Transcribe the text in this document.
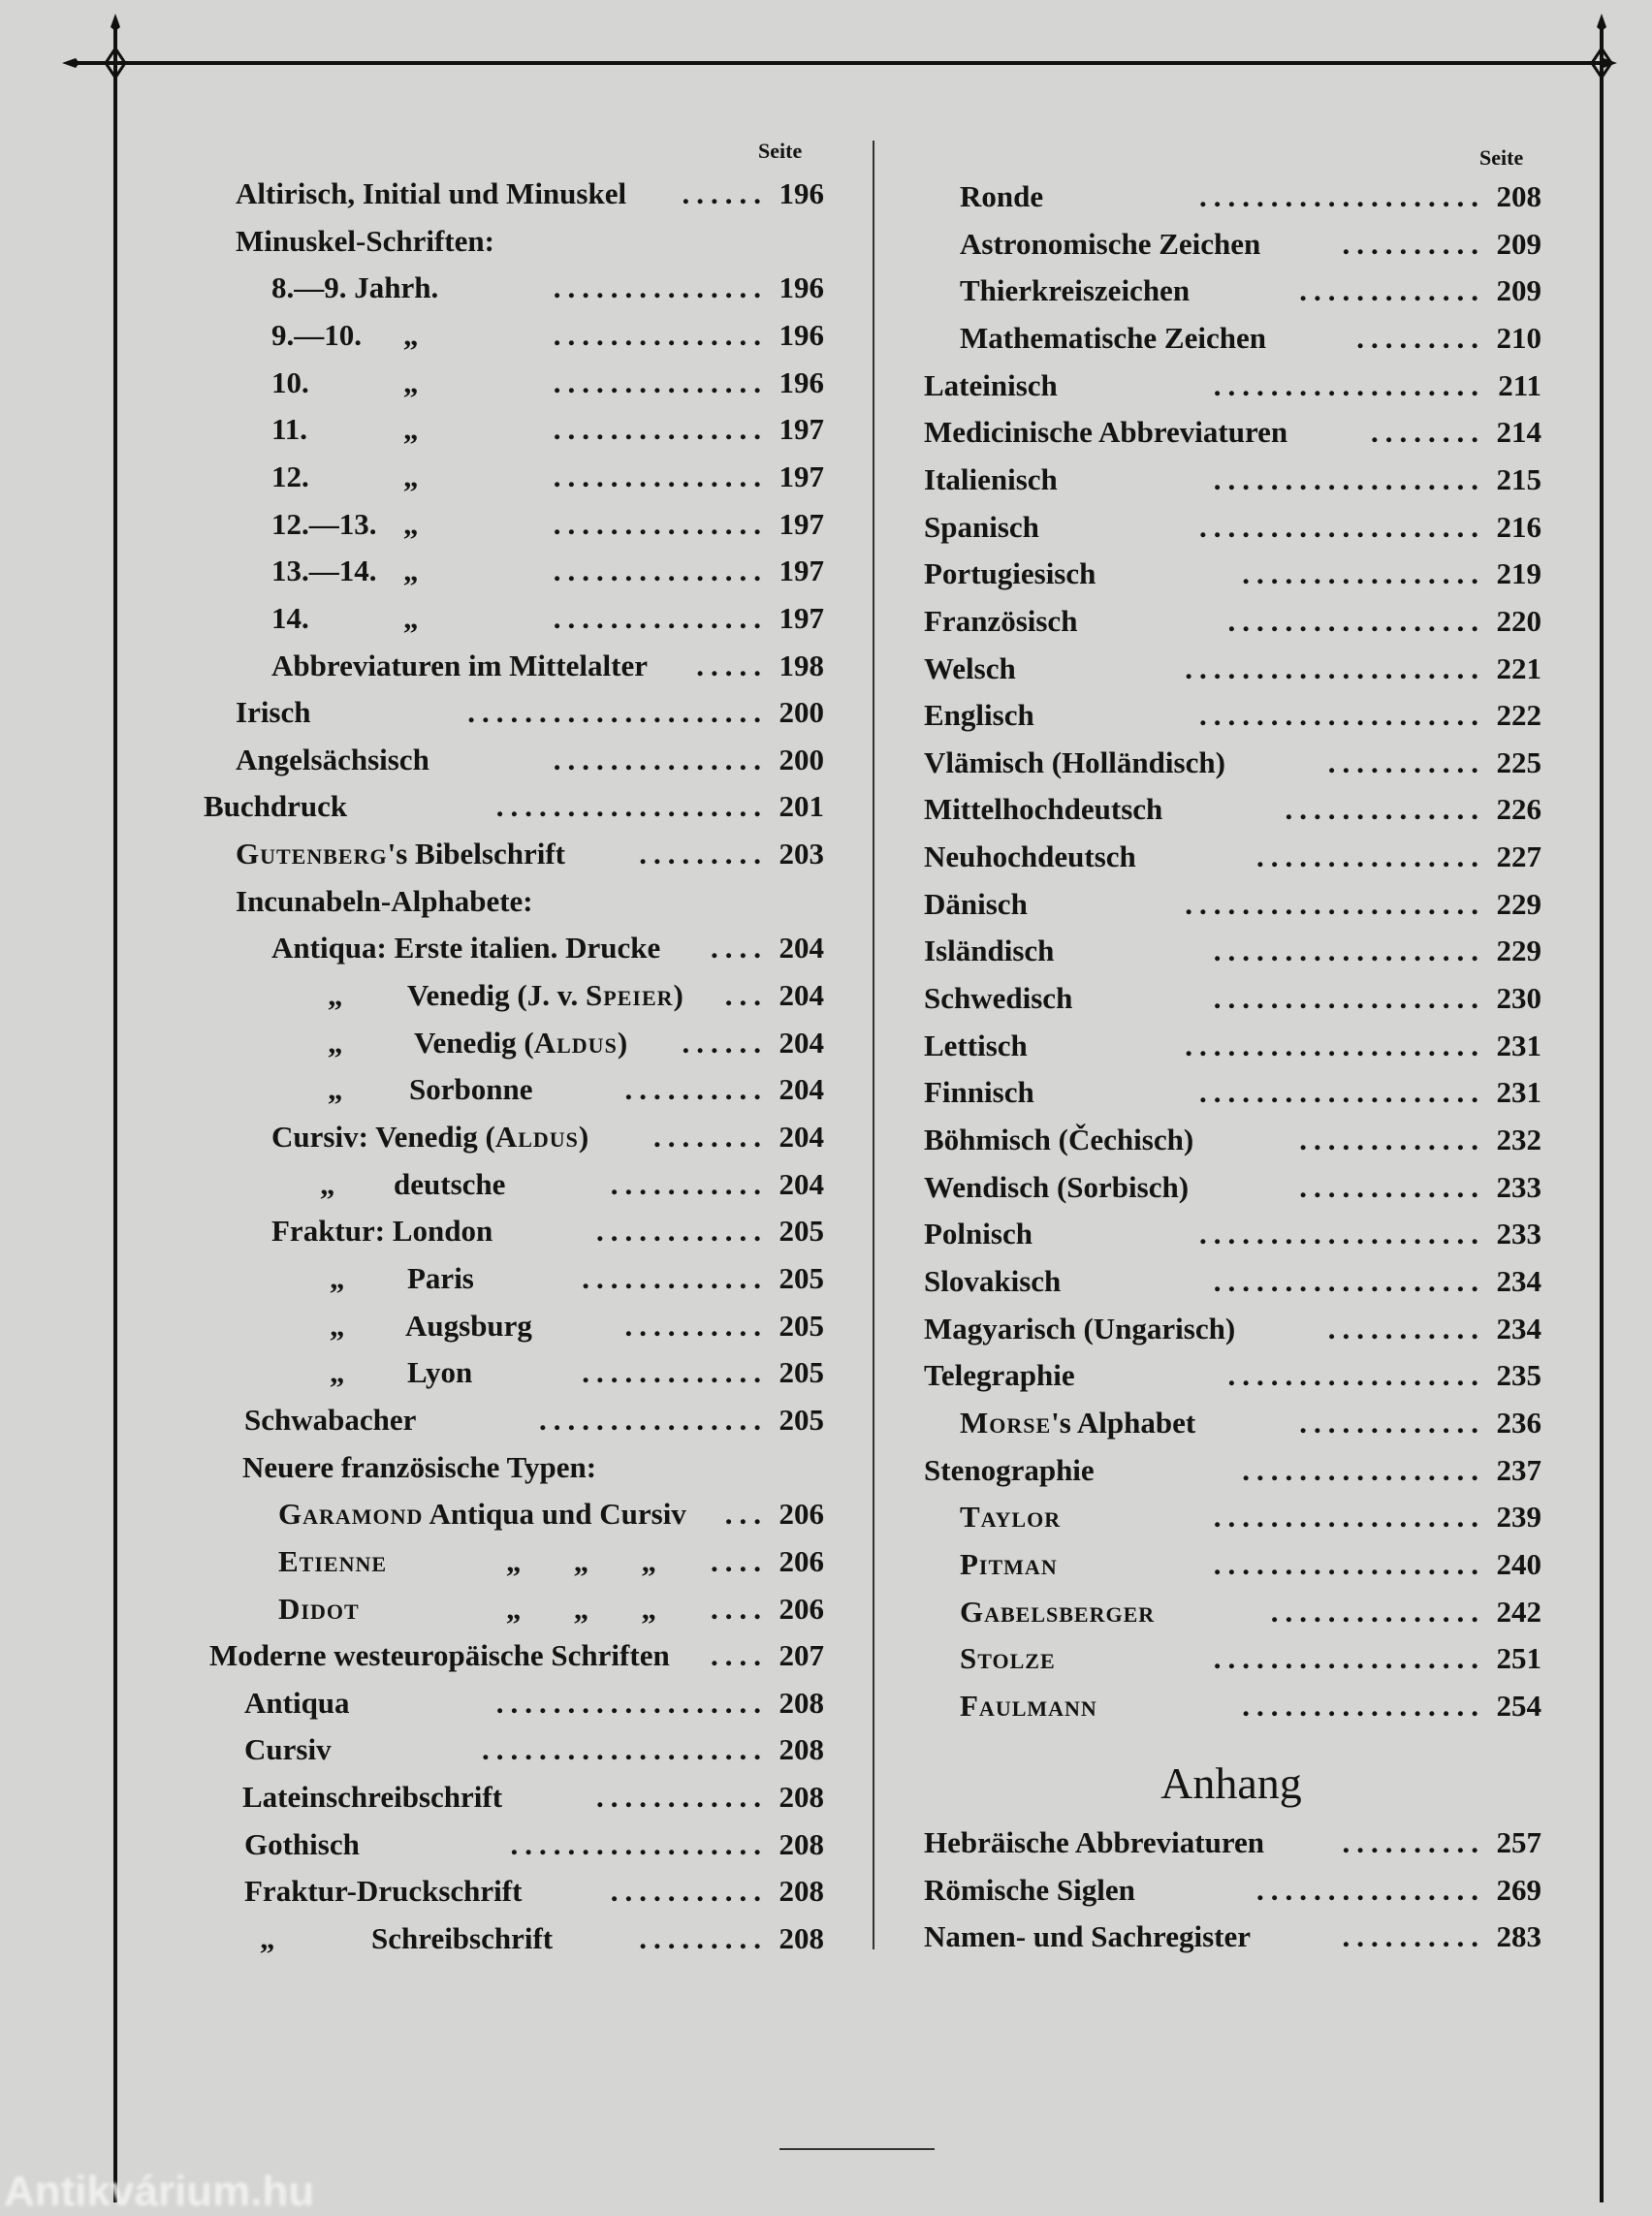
Seite	Seite
Altirisch, Initial und Minuskel	196
......
Minuskel-Schriften:
8.—9. Jahrh.	196
...............
9.—10. „	196
...............
10.	„	196
...............
11.	„	197
...............
12.	„	197
...............
12.—13. „	197
...............
13.—14. „	197
...............
14.	„	197
...............
Abbreviaturen im Mittelalter	198
.....
Irisch	200
.....................
Angelsächsisch	200
...............
Buchdruck	201
...................
Gutenberg's Bibelschrift	203
.........
Incunabeln-Alphabete:
Antiqua: Erste italien. Drucke	204
....
„ Venedig (J. v. Speier)	204
...
„ Venedig (Aldus)	204
......
„ Sorbonne	204
..........
Cursiv: Venedig (Aldus)	204
........
„ deutsche	204
...........
Fraktur: London	205
............
„ Paris	205
.............
„ Augsburg	205
..........
„ Lyon	205
.............
Schwabacher	205
................
Neuere französische Typen:
Garamond Antiqua und Cursiv	206
...
Etienne	„       „       „	206
....
Didot	„       „       „	206
....
Moderne westeuropäische Schriften	207
....
Antiqua	208
...................
Cursiv	208
....................
Lateinschreibschrift	208
............
Gothisch	208
..................
Fraktur-Druckschrift	208
...........
„	Schreibschrift	208
.........
Ronde	208
....................
Astronomische Zeichen	209
..........
Thierkreiszeichen	209
.............
Mathematische Zeichen	210
.........
Lateinisch	211
...................
Medicinische Abbreviaturen	214
........
Italienisch	215
...................
Spanisch	216
....................
Portugiesisch	219
.................
Französisch	220
..................
Welsch	221
.....................
Englisch	222
....................
Vlämisch (Holländisch)	225
...........
Mittelhochdeutsch	226
..............
Neuhochdeutsch	227
................
Dänisch	229
.....................
Isländisch	229
...................
Schwedisch	230
...................
Lettisch	231
.....................
Finnisch	231
....................
Böhmisch (Čechisch)	232
.............
Wendisch (Sorbisch)	233
.............
Polnisch	233
....................
Slovakisch	234
...................
Magyarisch (Ungarisch)	234
...........
Telegraphie	235
..................
Morse's Alphabet	236
.............
Stenographie	237
.................
Taylor	239
...................
Pitman	240
...................
Gabelsberger	242
...............
Stolze	251
...................
Faulmann	254
.................
Anhang
Hebräische Abbreviaturen	257
..........
Römische Siglen	269
................
Namen- und Sachregister	283
..........
Antikvárium.hu
